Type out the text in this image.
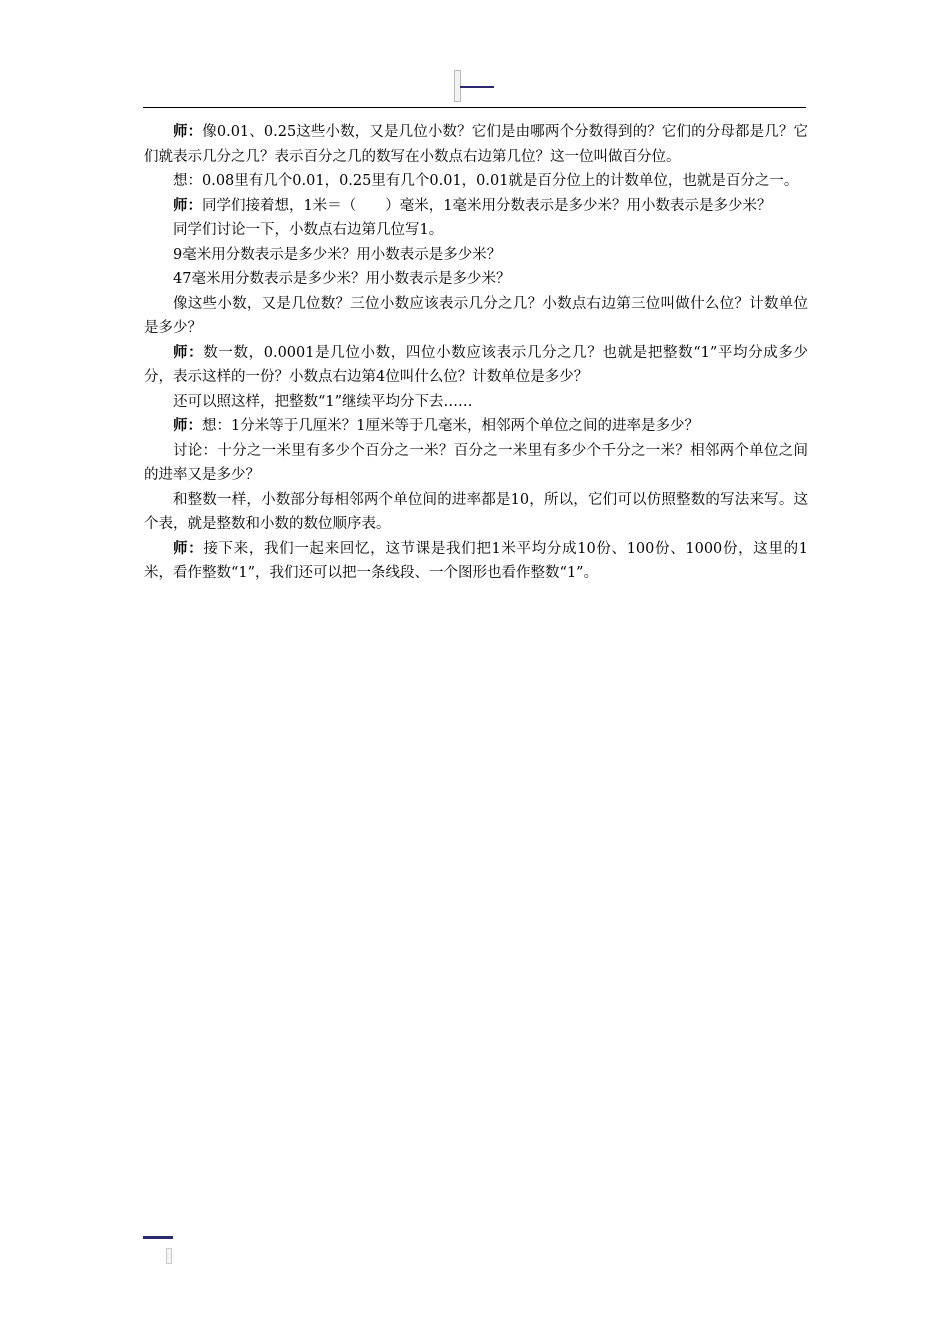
师：像0.01、0.25这些小数，又是几位小数？它们是由哪两个分数得到的？它们的分母都是几？它们就表示几分之几？表示百分之几的数写在小数点右边第几位？这一位叫做百分位。

想：0.08里有几个0.01，0.25里有几个0.01，0.01就是百分位上的计数单位，也就是百分之一。

师：同学们接着想，1米＝（　　）毫米，1毫米用分数表示是多少米？用小数表示是多少米？

同学们讨论一下，小数点右边第几位写1。

9毫米用分数表示是多少米？用小数表示是多少米？

47毫米用分数表示是多少米？用小数表示是多少米？

像这些小数，又是几位数？三位小数应该表示几分之几？小数点右边第三位叫做什么位？计数单位是多少？

师：数一数，0.0001是几位小数，四位小数应该表示几分之几？也就是把整数“1”平均分成多少分，表示这样的一份？小数点右边第4位叫什么位？计数单位是多少？

还可以照这样，把整数“1”继续平均分下去……

师：想：1分米等于几厘米？1厘米等于几毫米，相邻两个单位之间的进率是多少？

讨论：十分之一米里有多少个百分之一米？百分之一米里有多少个千分之一米？相邻两个单位之间的进率又是多少？

和整数一样，小数部分每相邻两个单位间的进率都是10，所以，它们可以仿照整数的写法来写。这个表，就是整数和小数的数位顺序表。

师：接下来，我们一起来回忆，这节课是我们把1米平均分成10份、100份、1000份，这里的1米，看作整数“1”，我们还可以把一条线段、一个图形也看作整数“1”。
